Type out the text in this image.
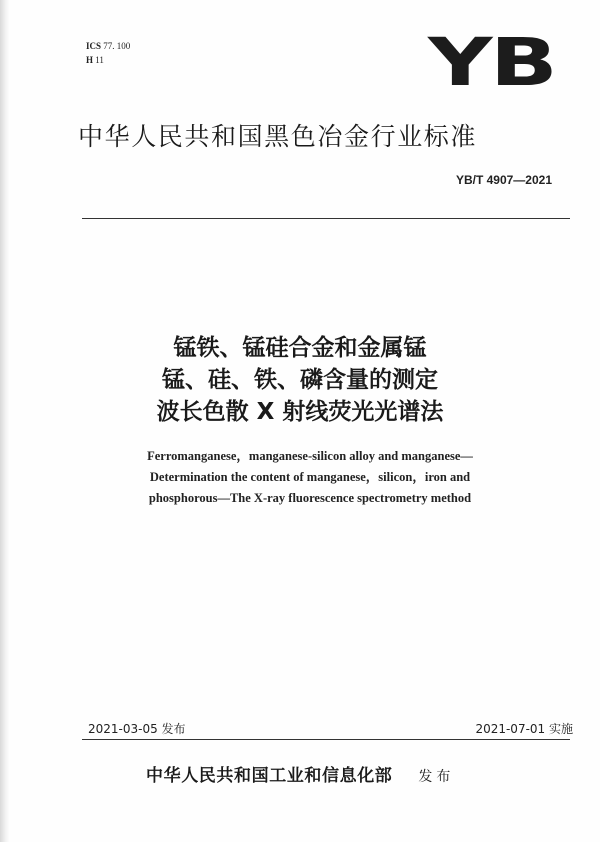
ICS 77. 100
H 11	YB
中华人民共和国黑色冶金行业标准
YB/T 4907—2021
锰铁、锰硅合金和金属锰
锰、硅、铁、磷含量的测定
波长色散 X 射线荧光光谱法
Ferromanganese，manganese-silicon alloy and manganese—
Determination the content of manganese，silicon，iron and
phosphorous—The X-ray fluorescence spectrometry method
2021-03-05 发布	2021-07-01 实施
中华人民共和国工业和信息化部 发布
